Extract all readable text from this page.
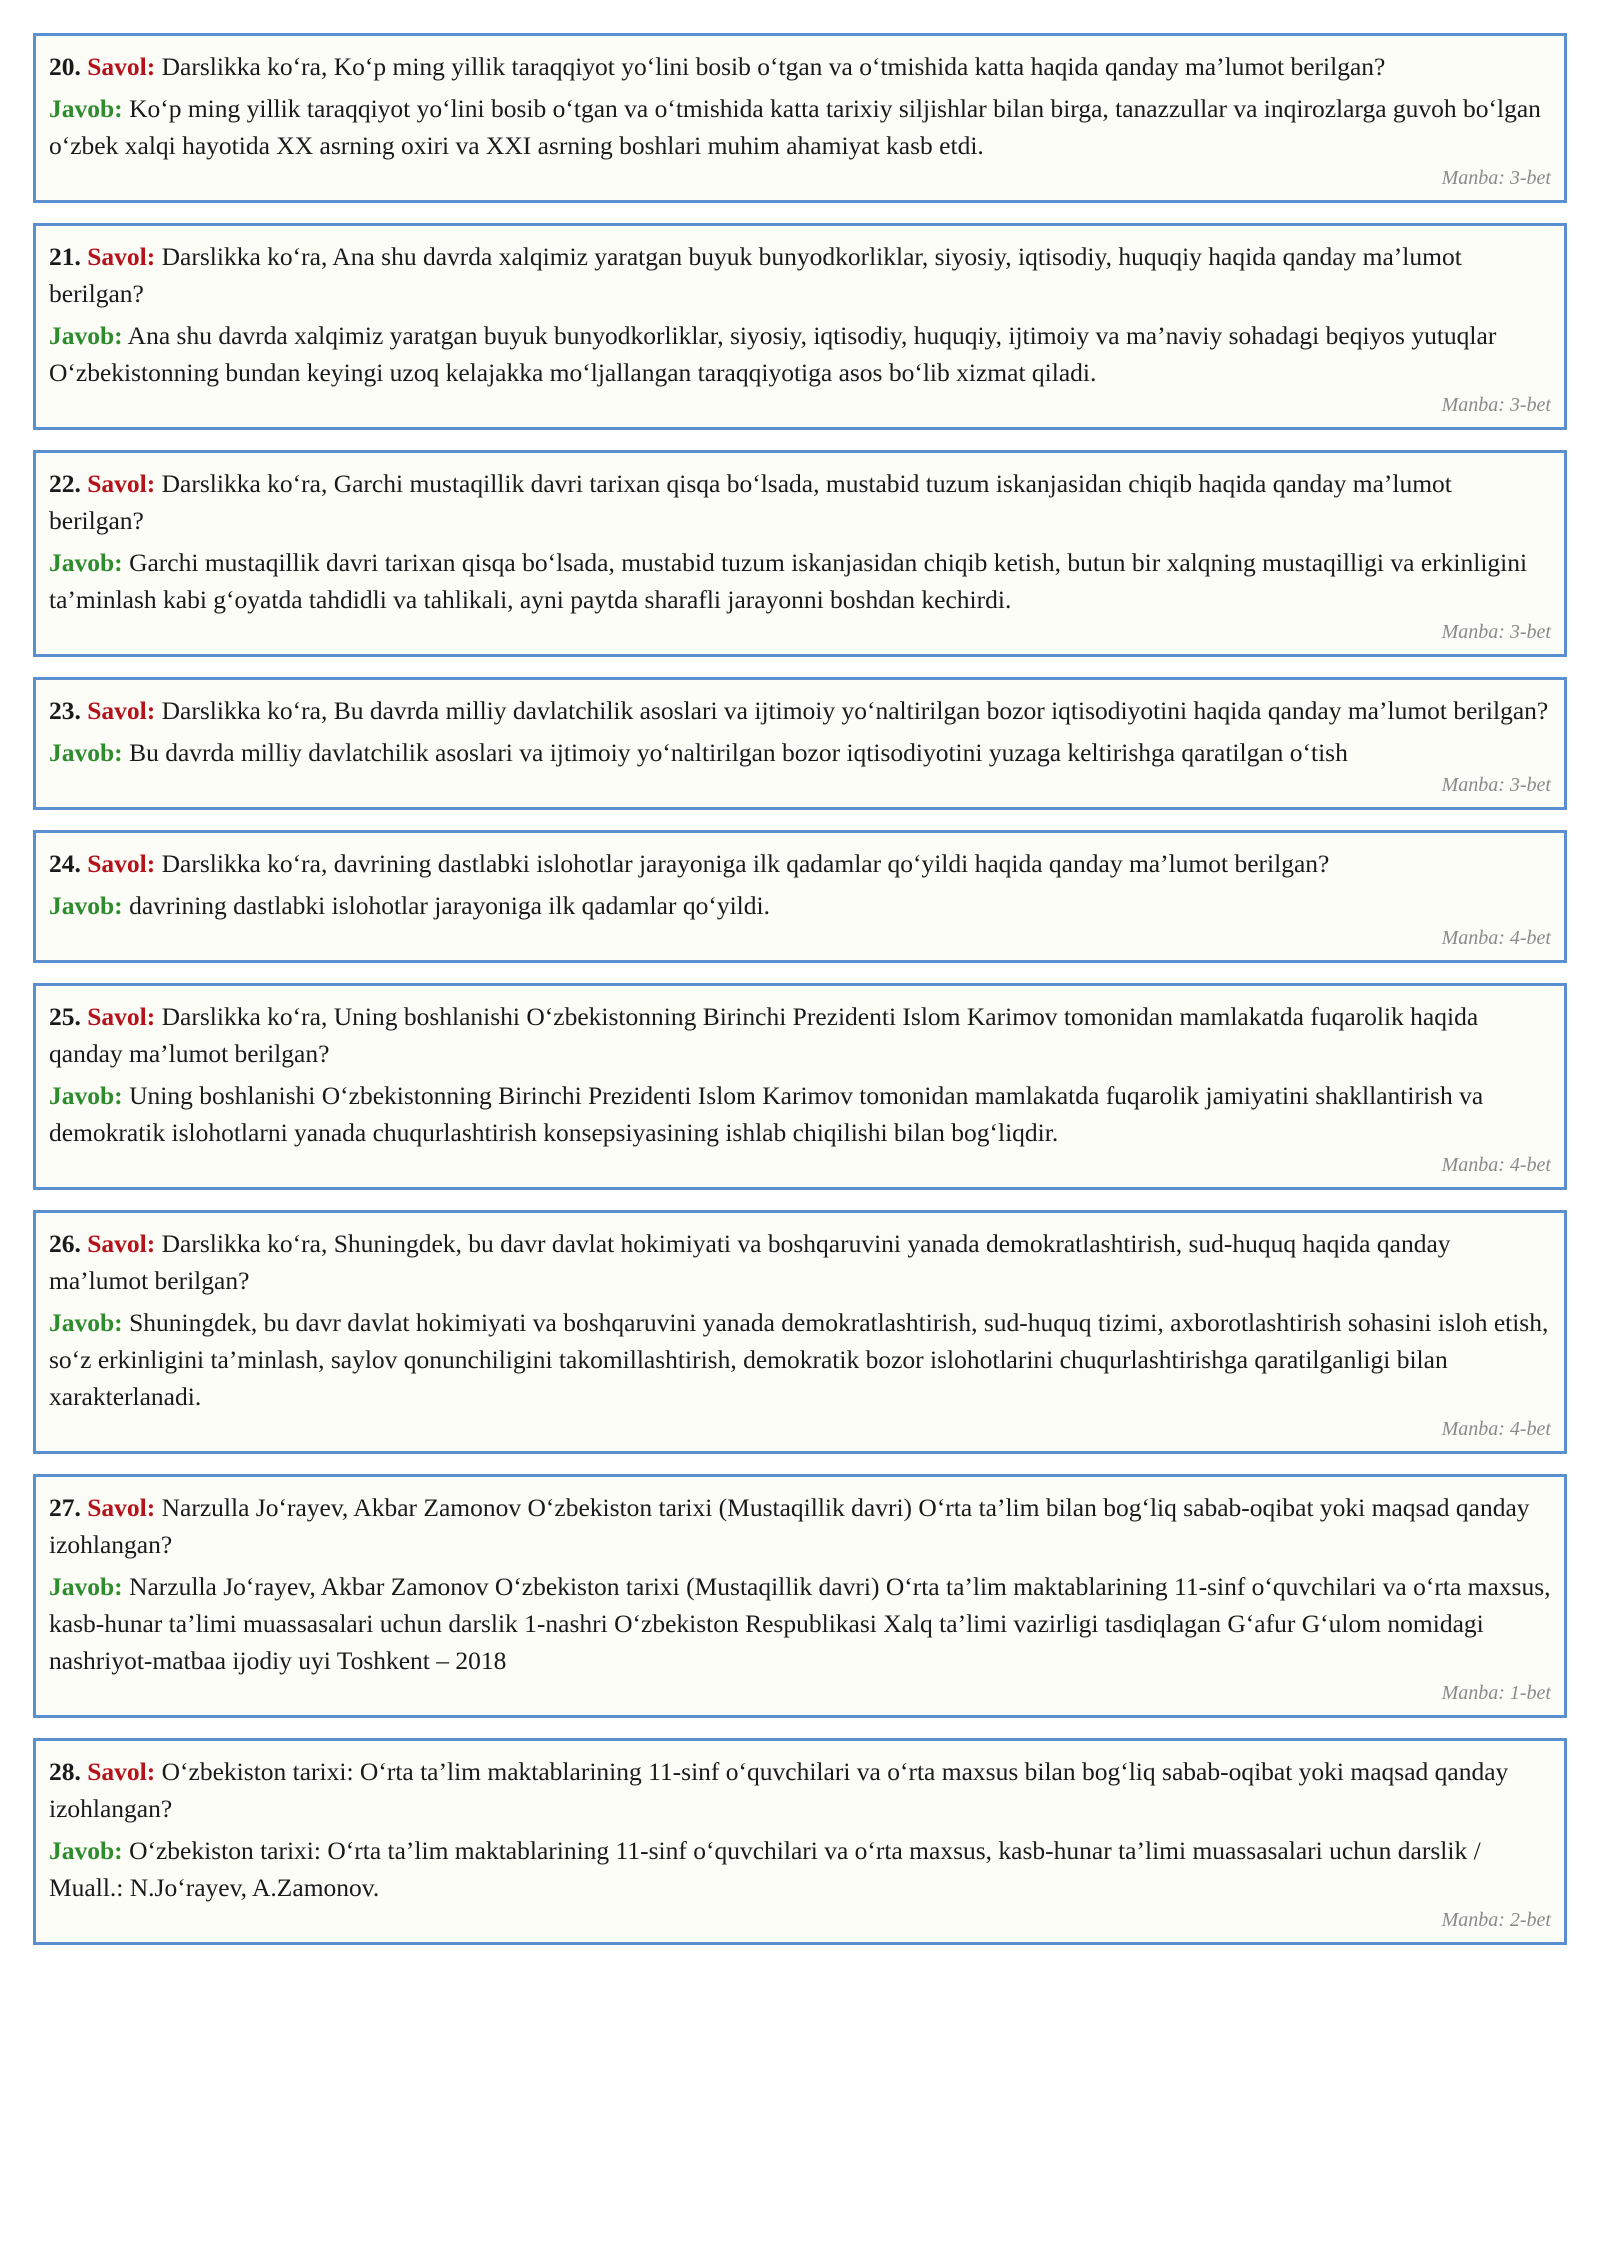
20. Savol: Darslikka ko‘ra, Ko‘p ming yillik taraqqiyot yo‘lini bosib o‘tgan va o‘tmishida katta haqida qanday ma’lumot berilgan?

Javob: Ko‘p ming yillik taraqqiyot yo‘lini bosib o‘tgan va o‘tmishida katta tarixiy siljishlar bilan birga, tanazzullar va inqirozlarga guvoh bo‘lgan o‘zbek xalqi hayotida XX asrning oxiri va XXI asrning boshlari muhim ahamiyat kasb etdi.

Manba: 3-bet

21. Savol: Darslikka ko‘ra, Ana shu davrda xalqimiz yaratgan buyuk bunyodkorliklar, siyosiy, iqtisodiy, huquqiy haqida qanday ma’lumot berilgan?

Javob: Ana shu davrda xalqimiz yaratgan buyuk bunyodkorliklar, siyosiy, iqtisodiy, huquqiy, ijtimoiy va ma’naviy sohadagi beqiyos yutuqlar O‘zbekistonning bundan keyingi uzoq kelajakka mo‘ljallangan taraqqiyotiga asos bo‘lib xizmat qiladi.

Manba: 3-bet

22. Savol: Darslikka ko‘ra, Garchi mustaqillik davri tarixan qisqa bo‘lsada, mustabid tuzum iskanjasidan chiqib haqida qanday ma’lumot berilgan?

Javob: Garchi mustaqillik davri tarixan qisqa bo‘lsada, mustabid tuzum iskanjasidan chiqib ketish, butun bir xalqning mustaqilligi va erkinligini ta’minlash kabi g‘oyatda tahdidli va tahlikali, ayni paytda sharafli jarayonni boshdan kechirdi.

Manba: 3-bet

23. Savol: Darslikka ko‘ra, Bu davrda milliy davlatchilik asoslari va ijtimoiy yo‘naltirilgan bozor iqtisodiyotini haqida qanday ma’lumot berilgan?

Javob: Bu davrda milliy davlatchilik asoslari va ijtimoiy yo‘naltirilgan bozor iqtisodiyotini yuzaga keltirishga qaratilgan o‘tish

Manba: 3-bet

24. Savol: Darslikka ko‘ra, davrining dastlabki islohotlar jarayoniga ilk qadamlar qo‘yildi haqida qanday ma’lumot berilgan?

Javob: davrining dastlabki islohotlar jarayoniga ilk qadamlar qo‘yildi.

Manba: 4-bet

25. Savol: Darslikka ko‘ra, Uning boshlanishi O‘zbekistonning Birinchi Prezidenti Islom Karimov tomonidan mamlakatda fuqarolik haqida qanday ma’lumot berilgan?

Javob: Uning boshlanishi O‘zbekistonning Birinchi Prezidenti Islom Karimov tomonidan mamlakatda fuqarolik jamiyatini shakllantirish va demokratik islohotlarni yanada chuqurlashtirish konsepsiyasining ishlab chiqilishi bilan bog‘liqdir.

Manba: 4-bet

26. Savol: Darslikka ko‘ra, Shuningdek, bu davr davlat hokimiyati va boshqaruvini yanada demokratlashtirish, sud-huquq haqida qanday ma’lumot berilgan?

Javob: Shuningdek, bu davr davlat hokimiyati va boshqaruvini yanada demokratlashtirish, sud-huquq tizimi, axborotlashtirish sohasini isloh etish, so‘z erkinligini ta’minlash, saylov qonunchiligini takomillashtirish, demokratik bozor islohotlarini chuqurlashtirishga qaratilganligi bilan xarakterlanadi.

Manba: 4-bet

27. Savol: Narzulla Jo‘rayev, Akbar Zamonov O‘zbekiston tarixi (Mustaqillik davri) O‘rta ta’lim bilan bog‘liq sabab-oqibat yoki maqsad qanday izohlangan?

Javob: Narzulla Jo‘rayev, Akbar Zamonov O‘zbekiston tarixi (Mustaqillik davri) O‘rta ta’lim maktablarining 11-sinf o‘quvchilari va o‘rta maxsus, kasb-hunar ta’limi muassasalari uchun darslik 1-nashri O‘zbekiston Respublikasi Xalq ta’limi vazirligi tasdiqlagan G‘afur G‘ulom nomidagi nashriyot-matbaa ijodiy uyi Toshkent – 2018

Manba: 1-bet

28. Savol: O‘zbekiston tarixi: O‘rta ta’lim maktablarining 11-sinf o‘quvchilari va o‘rta maxsus bilan bog‘liq sabab-oqibat yoki maqsad qanday izohlangan?

Javob: O‘zbekiston tarixi: O‘rta ta’lim maktablarining 11-sinf o‘quvchilari va o‘rta maxsus, kasb-hunar ta’limi muassasalari uchun darslik / Muall.: N.Jo‘rayev, A.Zamonov.

Manba: 2-bet
